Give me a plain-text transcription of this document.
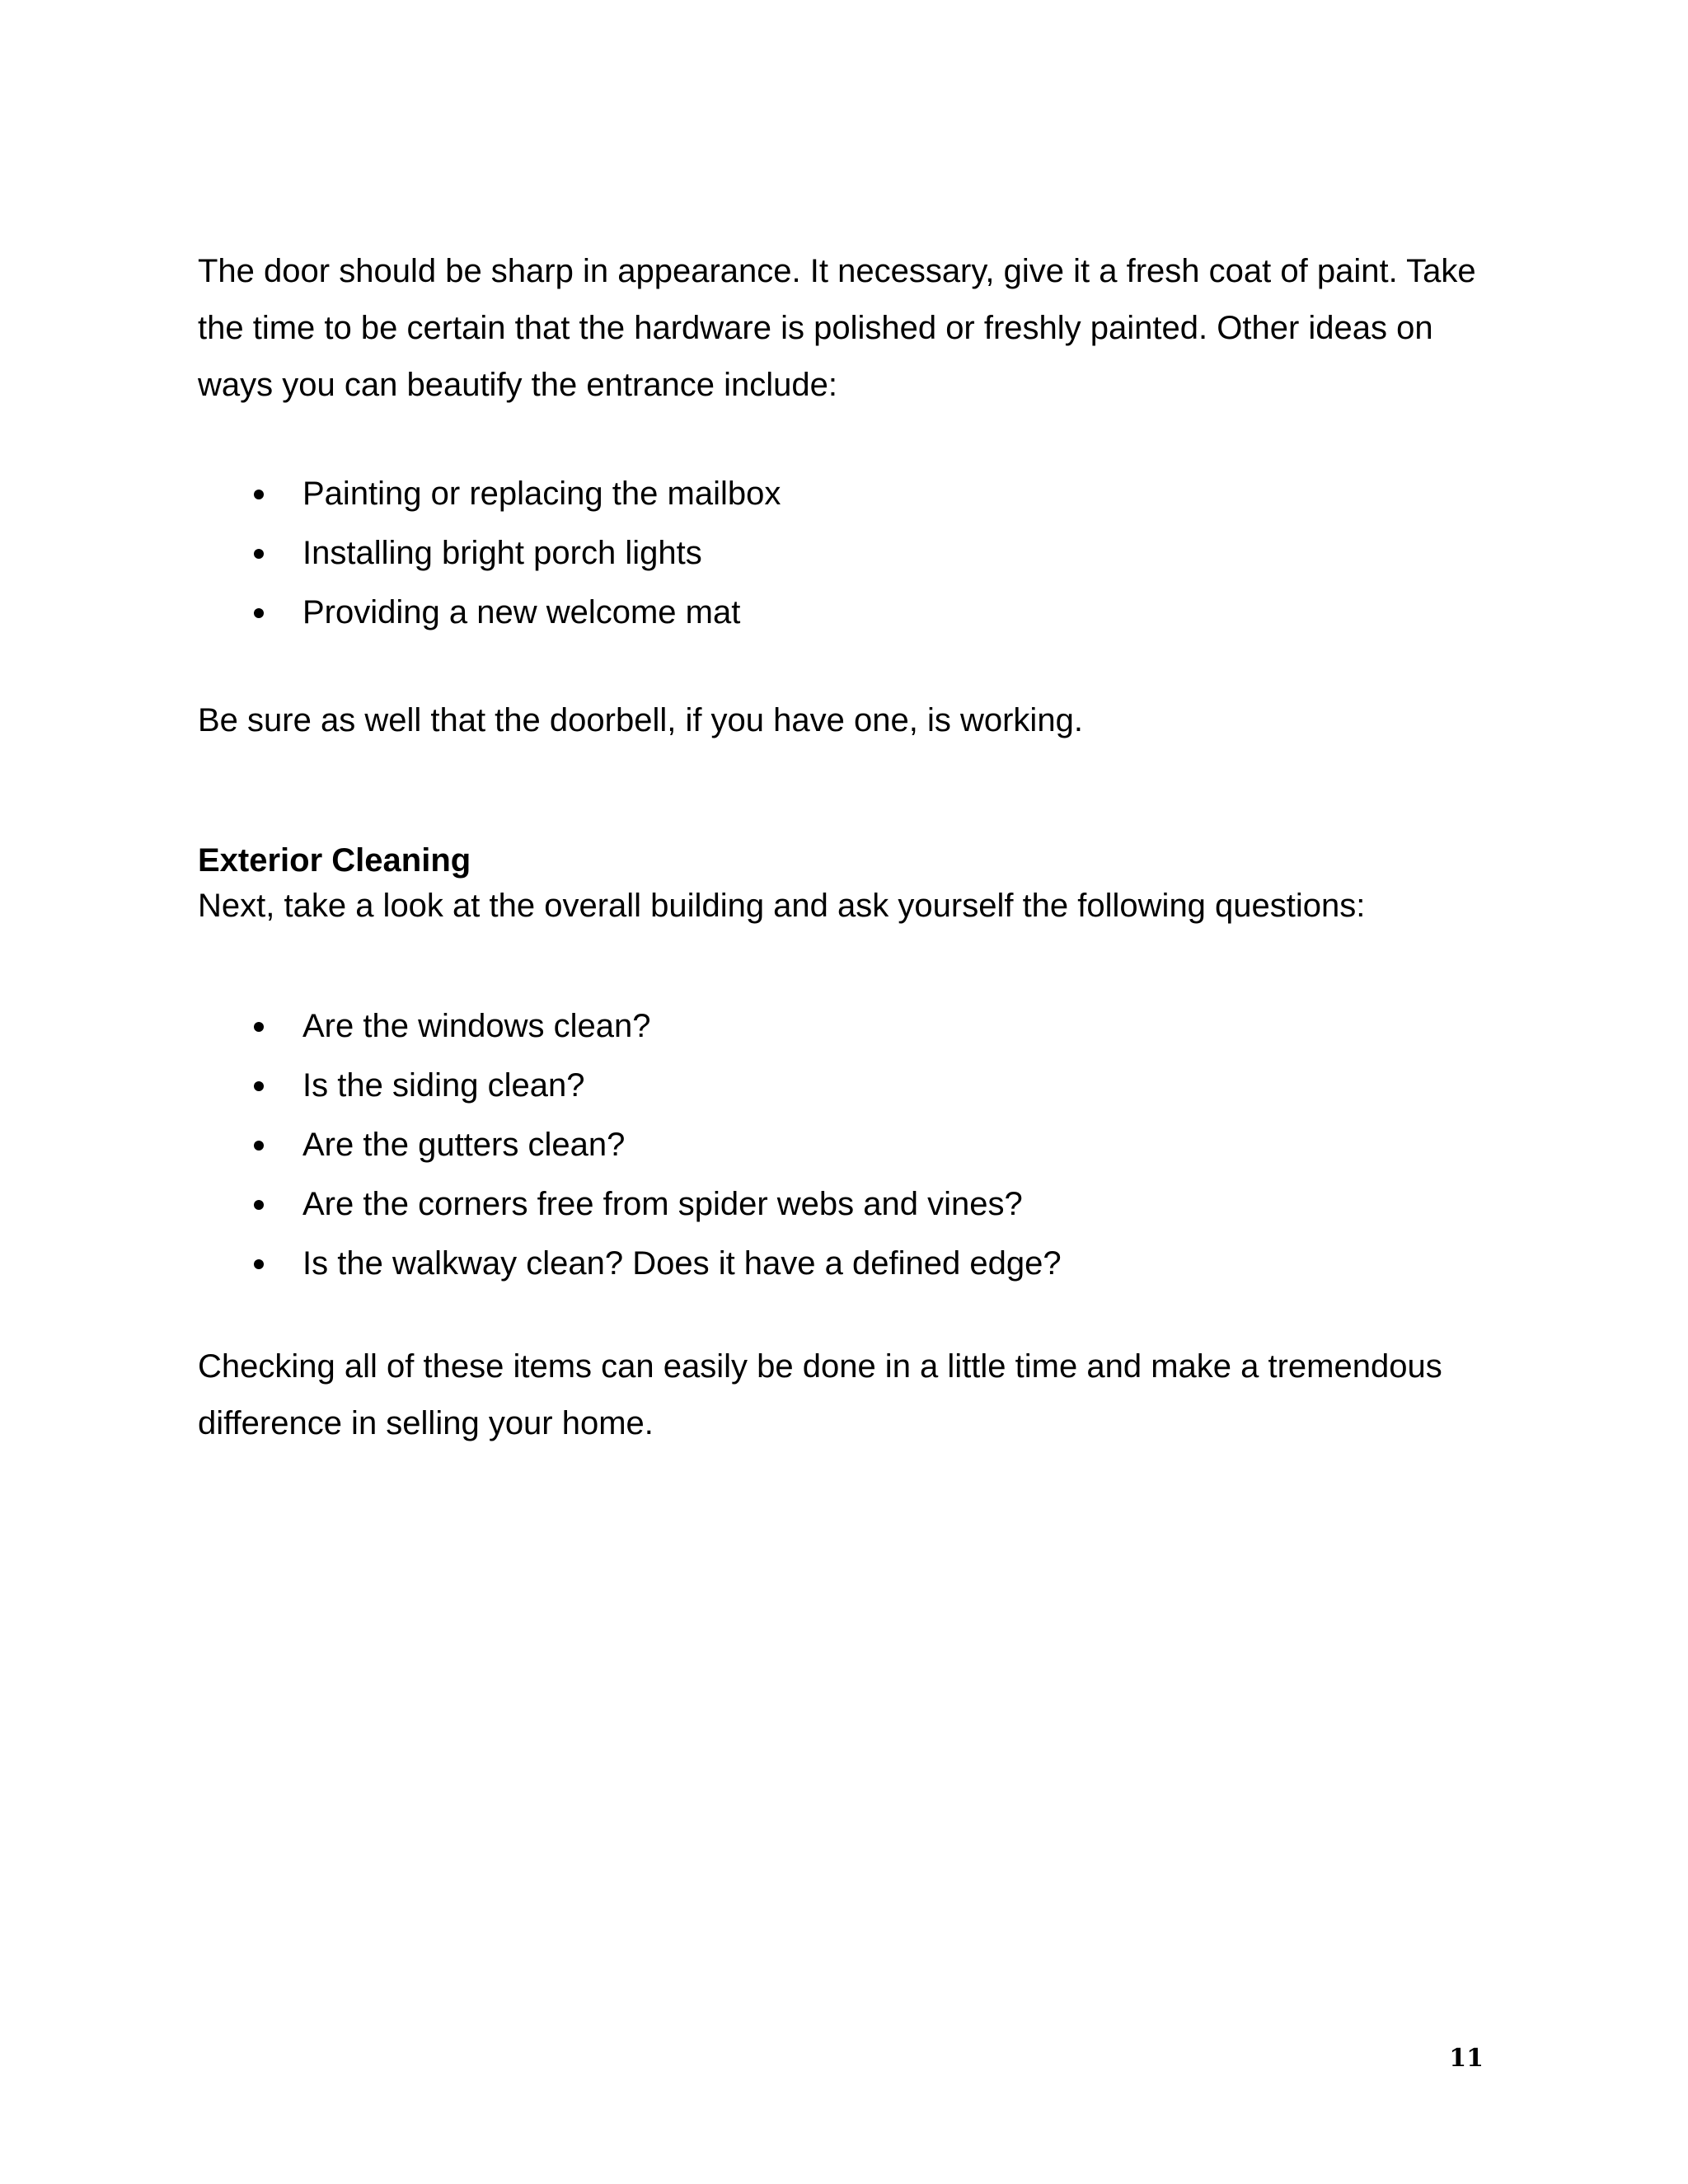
The door should be sharp in appearance. It necessary, give it a fresh coat of paint. Take
the time to be certain that the hardware is polished or freshly painted. Other ideas on
ways you can beautify the entrance include:

Painting or replacing the mailbox
Installing bright porch lights
Providing a new welcome mat

Be sure as well that the doorbell, if you have one, is working.

Exterior Cleaning

Next, take a look at the overall building and ask yourself the following questions:

Are the windows clean?
Is the siding clean?
Are the gutters clean?
Are the corners free from spider webs and vines?
Is the walkway clean? Does it have a defined edge?

Checking all of these items can easily be done in a little time and make a tremendous
difference in selling your home.

11
